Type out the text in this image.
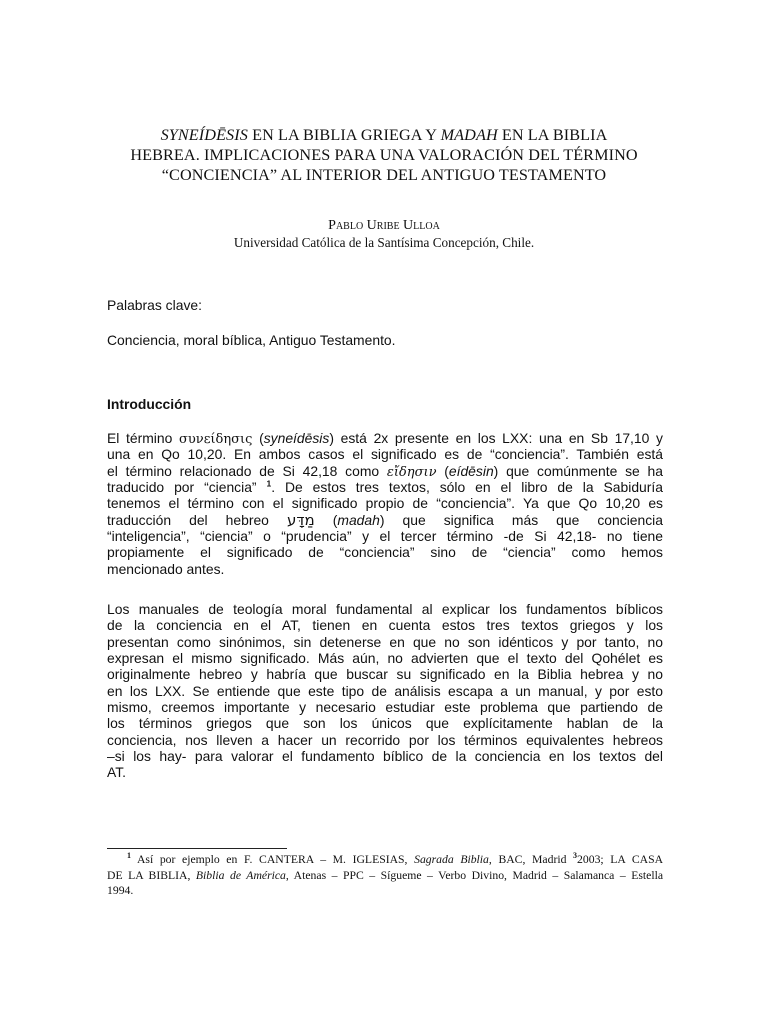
SYNEÍDĒSIS EN LA BIBLIA GRIEGA Y MADAH EN LA BIBLIA
HEBREA. IMPLICACIONES PARA UNA VALORACIÓN DEL TÉRMINO
“CONCIENCIA” AL INTERIOR DEL ANTIGUO TESTAMENTO
Pablo Uribe Ulloa
Universidad Católica de la Santísima Concepción, Chile.
Palabras clave:
Conciencia, moral bíblica, Antiguo Testamento.
Introducción
El término συνείδησις (syneídēsis) está 2x presente en los LXX: una en Sb 17,10 y
una en Qo 10,20. En ambos casos el significado es de “conciencia”. También está
el término relacionado de Si 42,18 como εἴδησιν (eídēsin) que comúnmente se ha
traducido por “ciencia” $^1$. De estos tres textos, sólo en el libro de la Sabiduría
tenemos el término con el significado propio de “conciencia”. Ya que Qo 10,20 es
traducción del hebreo מַדָּע (madah) que significa más que conciencia
“inteligencia”, “ciencia” o “prudencia” y el tercer término -de Si 42,18- no tiene
propiamente el significado de “conciencia” sino de “ciencia” como hemos
mencionado antes.
Los manuales de teología moral fundamental al explicar los fundamentos bíblicos
de la conciencia en el AT, tienen en cuenta estos tres textos griegos y los
presentan como sinónimos, sin detenerse en que no son idénticos y por tanto, no
expresan el mismo significado. Más aún, no advierten que el texto del Qohélet es
originalmente hebreo y habría que buscar su significado en la Biblia hebrea y no
en los LXX. Se entiende que este tipo de análisis escapa a un manual, y por esto
mismo, creemos importante y necesario estudiar este problema que partiendo de
los términos griegos que son los únicos que explícitamente hablan de la
conciencia, nos lleven a hacer un recorrido por los términos equivalentes hebreos
–si los hay- para valorar el fundamento bíblico de la conciencia en los textos del
AT.
$^1$ Así por ejemplo en F. CANTERA – M. IGLESIAS, Sagrada Biblia, BAC, Madrid $^3$2003; LA CASA
DE LA BIBLIA, Biblia de América, Atenas – PPC – Sígueme – Verbo Divino, Madrid – Salamanca – Estella
1994.
